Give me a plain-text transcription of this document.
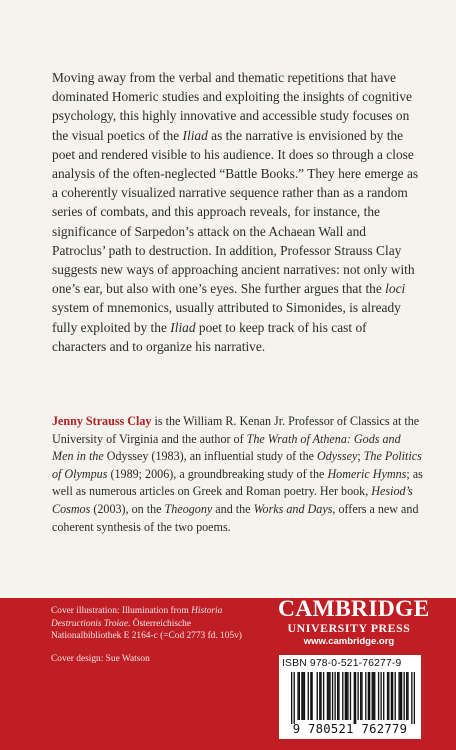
Moving away from the verbal and thematic repetitions that have dominated Homeric studies and exploiting the insights of cognitive psychology, this highly innovative and accessible study focuses on the visual poetics of the Iliad as the narrative is envisioned by the poet and rendered visible to his audience. It does so through a close analysis of the often-neglected “Battle Books.” They here emerge as a coherently visualized narrative sequence rather than as a random series of combats, and this approach reveals, for instance, the significance of Sarpedon’s attack on the Achaean Wall and Patroclus’ path to destruction. In addition, Professor Strauss Clay suggests new ways of approaching ancient narratives: not only with one’s ear, but also with one’s eyes. She further argues that the loci system of mnemonics, usually attributed to Simonides, is already fully exploited by the Iliad poet to keep track of his cast of characters and to organize his narrative.

Jenny Strauss Clay is the William R. Kenan Jr. Professor of Classics at the University of Virginia and the author of The Wrath of Athena: Gods and Men in the Odyssey (1983), an influential study of the Odyssey; The Politics of Olympus (1989; 2006), a groundbreaking study of the Homeric Hymns; as well as numerous articles on Greek and Roman poetry. Her book, Hesiod’s Cosmos (2003), on the Theogony and the Works and Days, offers a new and coherent synthesis of the two poems.

Cover illustration: Illumination from Historia Destructionis Troiae. Österreichische Nationalbibliothek E 2164-c (=Cod 2773 fd. 105v)

Cover design: Sue Watson

CAMBRIDGE
UNIVERSITY PRESS
www.cambridge.org
ISBN 978-0-521-76277-9
9 780521 762779
